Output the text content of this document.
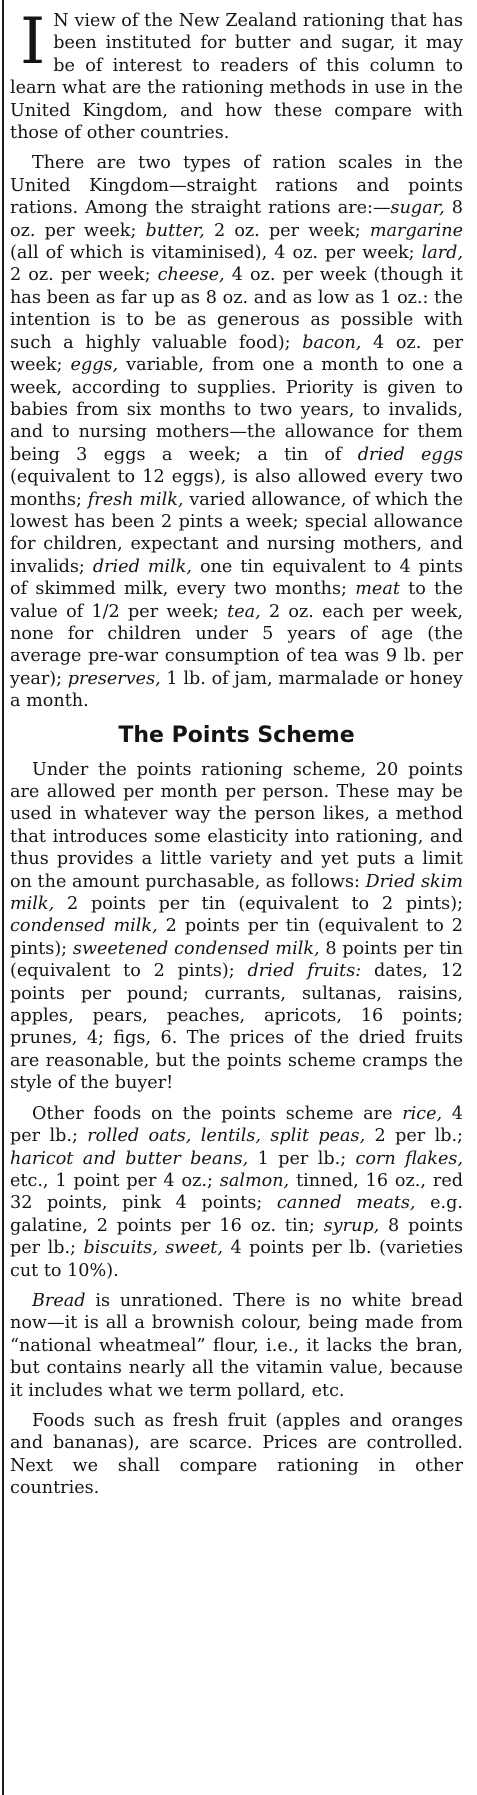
I N view of the New Zealand rationing that has been instituted for butter and sugar, it may be of interest to readers of this column to learn what are the rationing methods in use in the United Kingdom, and how these compare with those of other countries.

There are two types of ration scales in the United Kingdom—straight rations and points rations. Among the straight rations are:—sugar, 8 oz. per week; butter, 2 oz. per week; margarine (all of which is vitaminised), 4 oz. per week; lard, 2 oz. per week; cheese, 4 oz. per week (though it has been as far up as 8 oz. and as low as 1 oz.: the intention is to be as generous as possible with such a highly valuable food); bacon, 4 oz. per week; eggs, variable, from one a month to one a week, according to supplies. Priority is given to babies from six months to two years, to invalids, and to nursing mothers—the allowance for them being 3 eggs a week; a tin of dried eggs (equivalent to 12 eggs), is also allowed every two months; fresh milk, varied allowance, of which the lowest has been 2 pints a week; special allowance for children, expectant and nursing mothers, and invalids; dried milk, one tin equivalent to 4 pints of skimmed milk, every two months; meat to the value of 1/2 per week; tea, 2 oz. each per week, none for children under 5 years of age (the average pre-war consumption of tea was 9 lb. per year); preserves, 1 lb. of jam, marmalade or honey a month.

The Points Scheme

Under the points rationing scheme, 20 points are allowed per month per person. These may be used in whatever way the person likes, a method that introduces some elasticity into rationing, and thus provides a little variety and yet puts a limit on the amount purchasable, as follows: Dried skim milk, 2 points per tin (equivalent to 2 pints); condensed milk, 2 points per tin (equivalent to 2 pints); sweetened condensed milk, 8 points per tin (equivalent to 2 pints); dried fruits: dates, 12 points per pound; currants, sultanas, raisins, apples, pears, peaches, apricots, 16 points; prunes, 4; figs, 6. The prices of the dried fruits are reasonable, but the points scheme cramps the style of the buyer!

Other foods on the points scheme are rice, 4 per lb.; rolled oats, lentils, split peas, 2 per lb.; haricot and butter beans, 1 per lb.; corn flakes, etc., 1 point per 4 oz.; salmon, tinned, 16 oz., red 32 points, pink 4 points; canned meats, e.g. galatine, 2 points per 16 oz. tin; syrup, 8 points per lb.; biscuits, sweet, 4 points per lb. (varieties cut to 10%).

Bread is unrationed. There is no white bread now—it is all a brownish colour, being made from “national wheatmeal” flour, i.e., it lacks the bran, but contains nearly all the vitamin value, because it includes what we term pollard, etc.

Foods such as fresh fruit (apples and oranges and bananas), are scarce. Prices are controlled. Next we shall compare rationing in other countries.
